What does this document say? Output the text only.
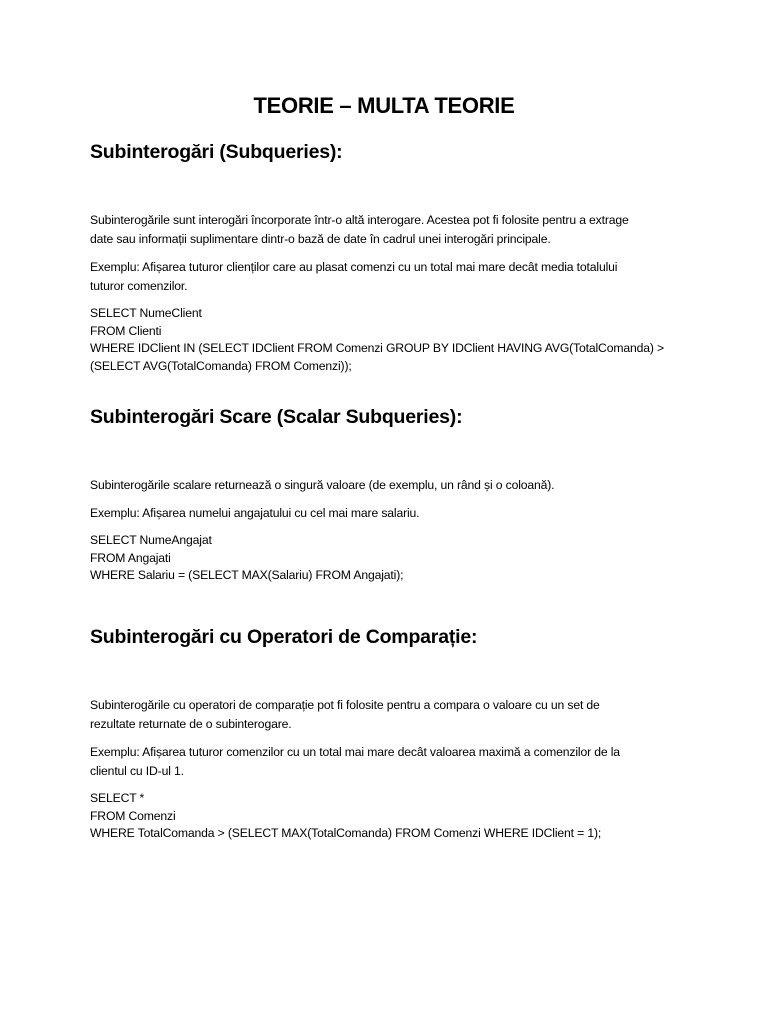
TEORIE – MULTA TEORIE
Subinterogări (Subqueries):

Subinterogările sunt interogări încorporate într-o altă interogare. Acestea pot fi folosite pentru a extrage

date sau informații suplimentare dintr-o bază de date în cadrul unei interogări principale.

Exemplu: Afișarea tuturor clienților care au plasat comenzi cu un total mai mare decât media totalului

tuturor comenzilor.

SELECT NumeClient

FROM Clienti

WHERE IDClient IN (SELECT IDClient FROM Comenzi GROUP BY IDClient HAVING AVG(TotalComanda) >

(SELECT AVG(TotalComanda) FROM Comenzi));

Subinterogări Scare (Scalar Subqueries):

Subinterogările scalare returnează o singură valoare (de exemplu, un rând și o coloană).

Exemplu: Afișarea numelui angajatului cu cel mai mare salariu.

SELECT NumeAngajat

FROM Angajati

WHERE Salariu = (SELECT MAX(Salariu) FROM Angajati);

Subinterogări cu Operatori de Comparație:

Subinterogările cu operatori de comparație pot fi folosite pentru a compara o valoare cu un set de

rezultate returnate de o subinterogare.

Exemplu: Afișarea tuturor comenzilor cu un total mai mare decât valoarea maximă a comenzilor de la

clientul cu ID-ul 1.

SELECT *

FROM Comenzi

WHERE TotalComanda > (SELECT MAX(TotalComanda) FROM Comenzi WHERE IDClient = 1);
